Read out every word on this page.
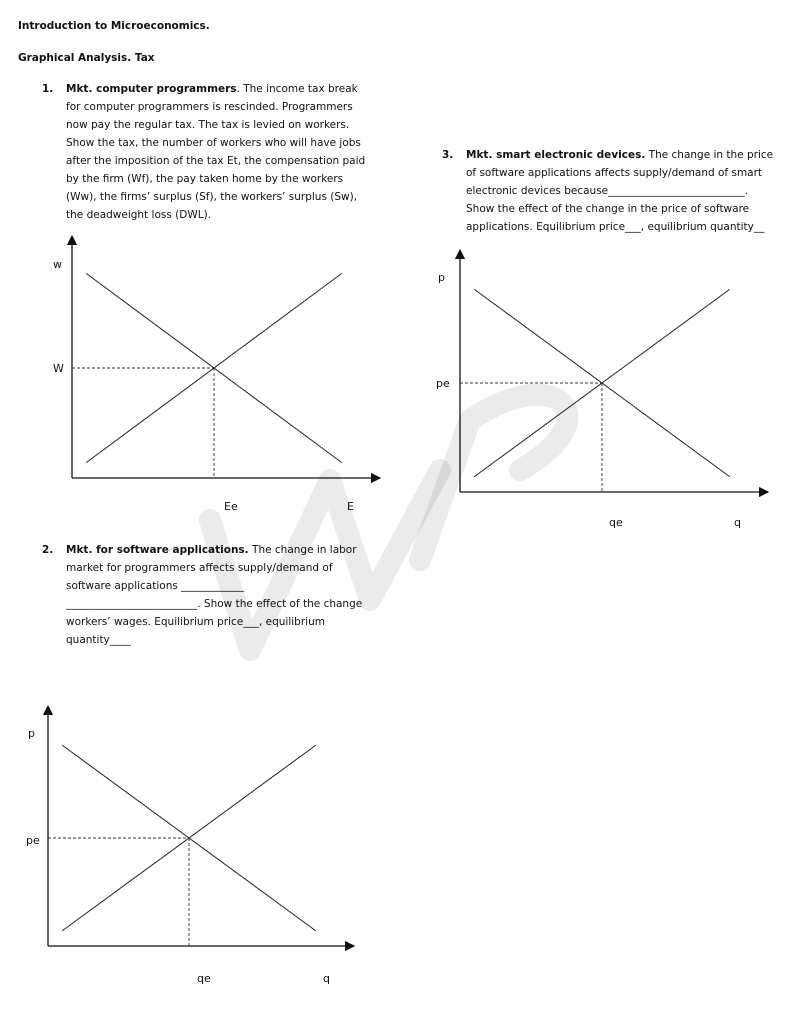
Introduction to Microeconomics.
Graphical Analysis. Tax
1. Mkt. computer programmers. The income tax break for computer programmers is rescinded. Programmers now pay the regular tax. The tax is levied on workers. Show the tax, the number of workers who will have jobs after the imposition of the tax Et, the compensation paid by the firm (Wf), the pay taken home by the workers (Ww), the firms’ surplus (Sf), the workers’ surplus (Sw), the deadweight loss (DWL).
3. Mkt. smart electronic devices. The change in the price of software applications affects supply/demand of smart electronic devices because__________________________. Show the effect of the change in the price of software applications. Equilibrium price___, equilibrium quantity__
2. Mkt. for software applications. The change in labor market for programmers affects supply/demand of software applications ____________ _________________________. Show the effect of the change workers’ wages. Equilibrium price___, equilibrium quantity____
w
W
Ee	E
p
pe
qe	q
p
pe
qe	q
